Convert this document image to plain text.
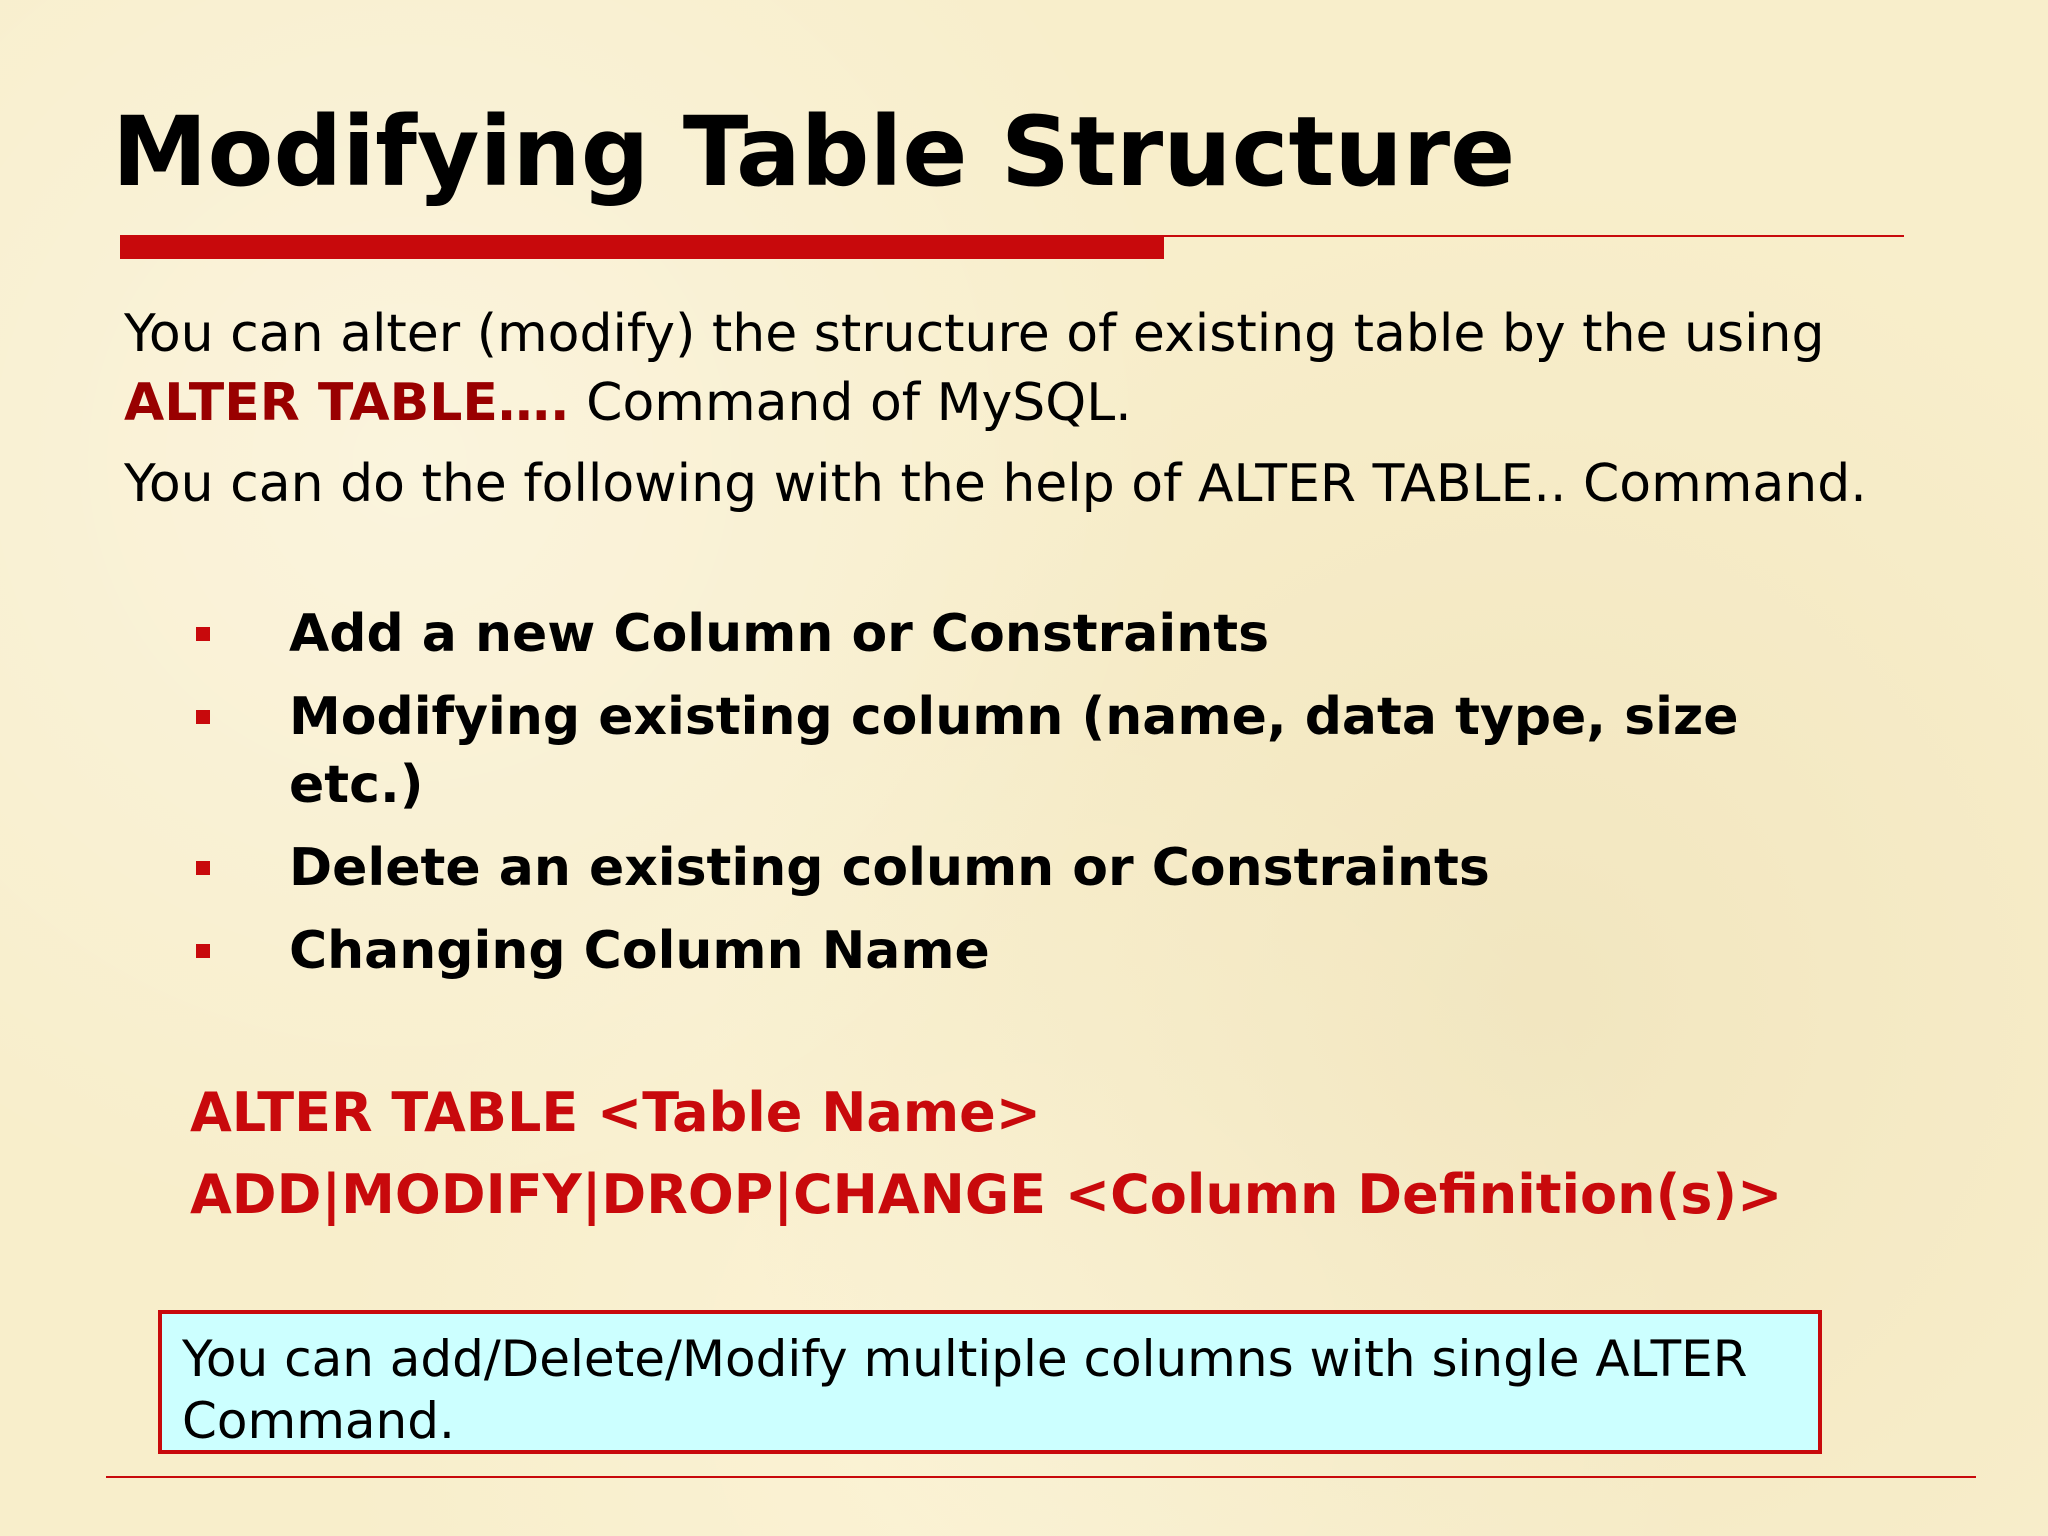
Modifying Table Structure

You can alter (modify) the structure of existing table by the using ALTER TABLE…. Command of MySQL.

You can do the following with the help of ALTER TABLE.. Command.

Add a new Column or Constraints
Modifying existing column (name, data type, size etc.)
Delete an existing column or Constraints
Changing Column Name

ALTER TABLE <Table Name>

ADD|MODIFY|DROP|CHANGE <Column Definition(s)>

You can add/Delete/Modify multiple columns with single ALTER Command.
